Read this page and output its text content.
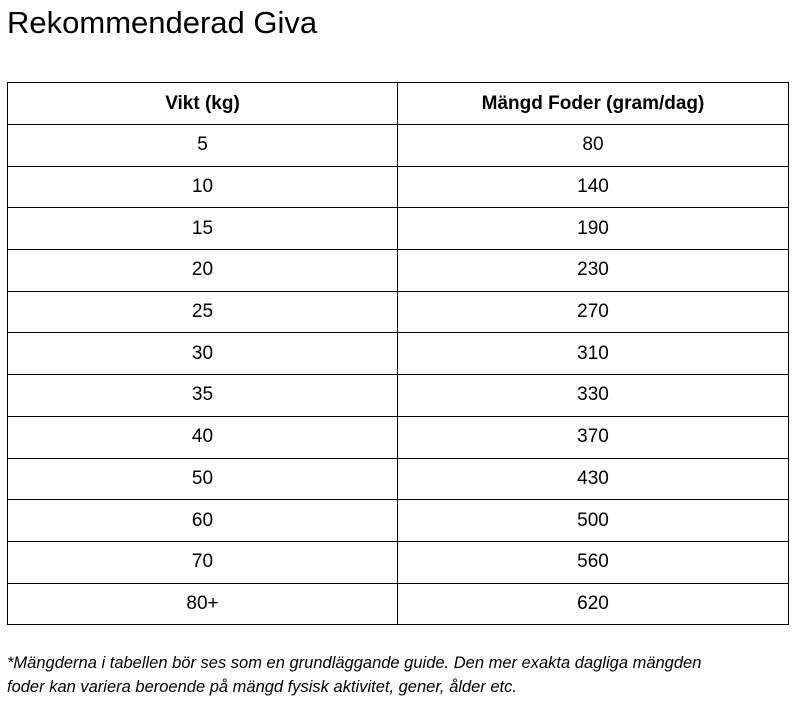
Rekommenderad Giva
Vikt (kg)	Mängd Foder (gram/dag)
5	80
10	140
15	190
20	230
25	270
30	310
35	330
40	370
50	430
60	500
70	560
80+	620

*Mängderna i tabellen bör ses som en grundläggande guide. Den mer exakta dagliga mängden
foder kan variera beroende på mängd fysisk aktivitet, gener, ålder etc.
